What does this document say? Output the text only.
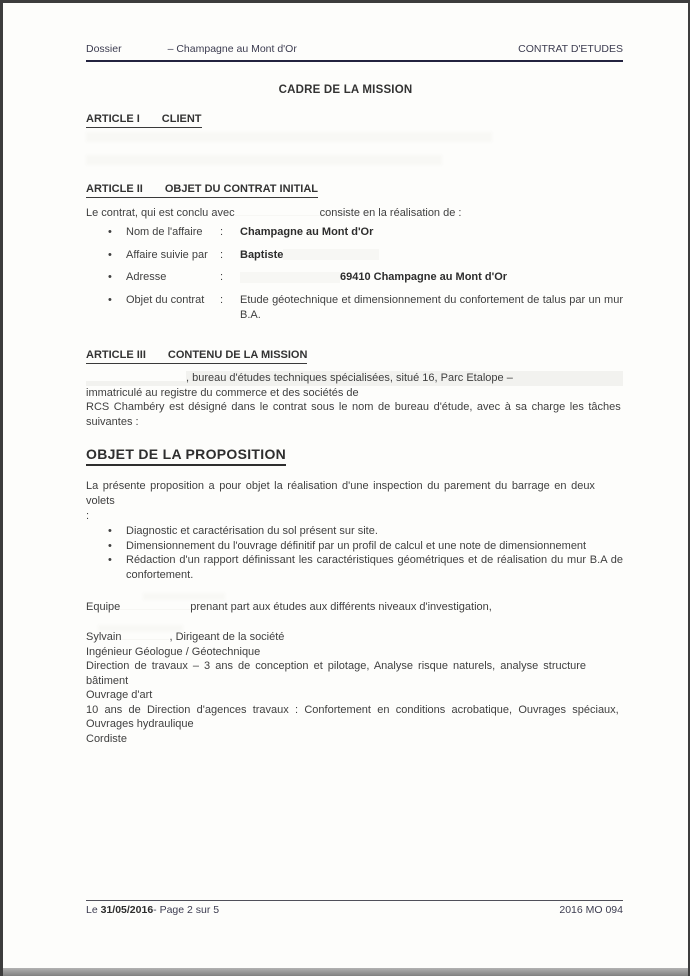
Dossier	– Champagne au Mont d'Or	CONTRAT D'ETUDES
CADRE DE LA MISSION
ARTICLE I CLIENT
ARTICLE II OBJET DU CONTRAT INITIAL
Le contrat, qui est conclu avec	consiste en la réalisation de :
•	Nom de l'affaire	:	Champagne au Mont d'Or
•	Affaire suivie par	:	Baptiste
•	Adresse	:	69410 Champagne au Mont d'Or
•	Objet du contrat	:	Etude géotechnique et dimensionnement du confortement de talus par un mur B.A.
ARTICLE III CONTENU DE LA MISSION
, bureau d'études techniques spécialisées, situé 16, Parc Etalope –
immatriculé au registre du commerce et des sociétés de
RCS Chambéry est désigné dans le contrat sous le nom de bureau d'étude, avec à sa charge les tâches
suivantes :
OBJET DE LA PROPOSITION
La présente proposition a pour objet la réalisation d'une inspection du parement du barrage en deux volets
:
•	Diagnostic et caractérisation du sol présent sur site.
•	Dimensionnement du l'ouvrage définitif par un profil de calcul et une note de dimensionnement
•	Rédaction d'un rapport définissant les caractéristiques géométriques et de réalisation du mur B.A de confortement.
Equipe	prenant part aux études aux différents niveaux d'investigation,
Sylvain	, Dirigeant de la société
Ingénieur Géologue / Géotechnique
Direction de travaux – 3 ans de conception et pilotage, Analyse risque naturels, analyse structure bâtiment
Ouvrage d'art
10 ans de Direction d'agences travaux : Confortement en conditions acrobatique, Ouvrages spéciaux,
Ouvrages hydraulique
Cordiste
Le 31/05/2016- Page 2 sur 5	2016 MO 094
